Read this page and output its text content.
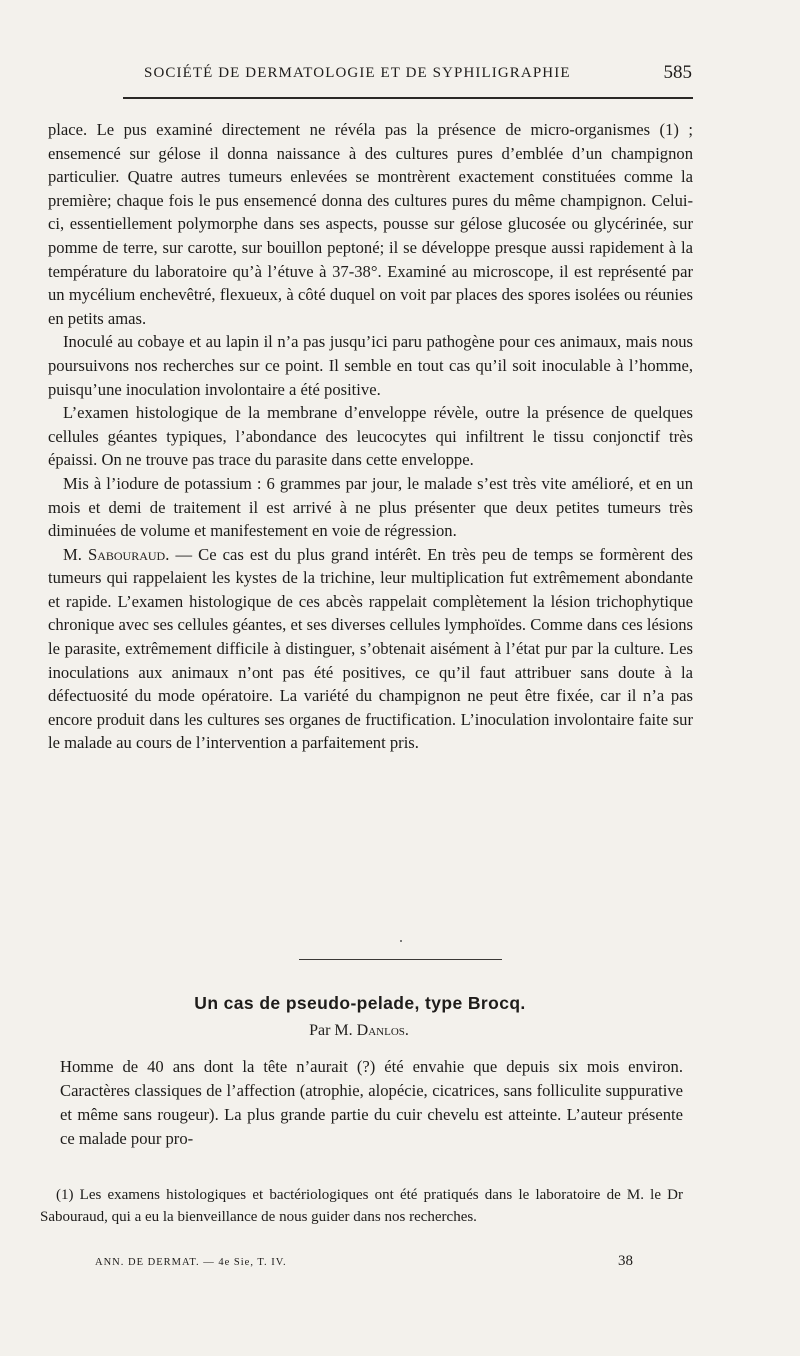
SOCIÉTÉ DE DERMATOLOGIE ET DE SYPHILIGRAPHIE	585

place. Le pus examiné directement ne révéla pas la présence de micro-organismes (1) ; ensemencé sur gélose il donna naissance à des cultures pures d’emblée d’un champignon particulier. Quatre autres tumeurs enlevées se montrèrent exactement constituées comme la première; chaque fois le pus ensemencé donna des cultures pures du même champignon. Celui-ci, essentiellement polymorphe dans ses aspects, pousse sur gélose glucosée ou glycérinée, sur pomme de terre, sur carotte, sur bouillon peptoné; il se développe presque aussi rapidement à la température du laboratoire qu’à l’étuve à 37-38°. Examiné au microscope, il est représenté par un mycélium enchevêtré, flexueux, à côté duquel on voit par places des spores isolées ou réunies en petits amas.

Inoculé au cobaye et au lapin il n’a pas jusqu’ici paru pathogène pour ces animaux, mais nous poursuivons nos recherches sur ce point. Il semble en tout cas qu’il soit inoculable à l’homme, puisqu’une inoculation involontaire a été positive.

L’examen histologique de la membrane d’enveloppe révèle, outre la présence de quelques cellules géantes typiques, l’abondance des leucocytes qui infiltrent le tissu conjonctif très épaissi. On ne trouve pas trace du parasite dans cette enveloppe.

Mis à l’iodure de potassium : 6 grammes par jour, le malade s’est très vite amélioré, et en un mois et demi de traitement il est arrivé à ne plus présenter que deux petites tumeurs très diminuées de volume et manifestement en voie de régression.

M. Sabouraud. — Ce cas est du plus grand intérêt. En très peu de temps se formèrent des tumeurs qui rappelaient les kystes de la trichine, leur multiplication fut extrêmement abondante et rapide. L’examen histologique de ces abcès rappelait complètement la lésion trichophytique chronique avec ses cellules géantes, et ses diverses cellules lymphoïdes. Comme dans ces lésions le parasite, extrêmement difficile à distinguer, s’obtenait aisément à l’état pur par la culture. Les inoculations aux animaux n’ont pas été positives, ce qu’il faut attribuer sans doute à la défectuosité du mode opératoire. La variété du champignon ne peut être fixée, car il n’a pas encore produit dans les cultures ses organes de fructification. L’inoculation involontaire faite sur le malade au cours de l’intervention a parfaitement pris.

Un cas de pseudo-pelade, type Brocq.
Par M. Danlos.

Homme de 40 ans dont la tête n’aurait (?) été envahie que depuis six mois environ. Caractères classiques de l’affection (atrophie, alopécie, cicatrices, sans folliculite suppurative et même sans rougeur). La plus grande partie du cuir chevelu est atteinte. L’auteur présente ce malade pour pro-

(1) Les examens histologiques et bactériologiques ont été pratiqués dans le laboratoire de M. le Dr Sabouraud, qui a eu la bienveillance de nous guider dans nos recherches.

ANN. DE DERMAT. — 4e Sie, T. IV.	38
